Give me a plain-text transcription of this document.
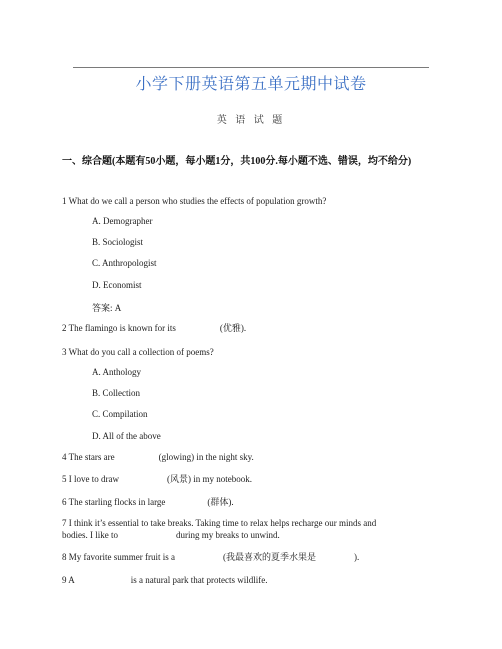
小学下册英语第五单元期中试卷
英 语 试 题
一、综合题(本题有50小题，每小题1分，共100分.每小题不选、错误，均不给分)
1 What do we call a person who studies the effects of population growth?
A. Demographer
B. Sociologist
C. Anthropologist
D. Economist
答案: A
2 The flamingo is known for its	(优雅).
3 What do you call a collection of poems?
A. Anthology
B. Collection
C. Compilation
D. All of the above
4 The stars are	(glowing) in the night sky.
5 I love to draw	(风景) in my notebook.
6 The starling flocks in large	(群体).
7 I think it’s essential to take breaks. Taking time to relax helps recharge our minds and
bodies. I like to	during my breaks to unwind.
8 My favorite summer fruit is a	(我最喜欢的夏季水果是	).
9 A	is a natural park that protects wildlife.
